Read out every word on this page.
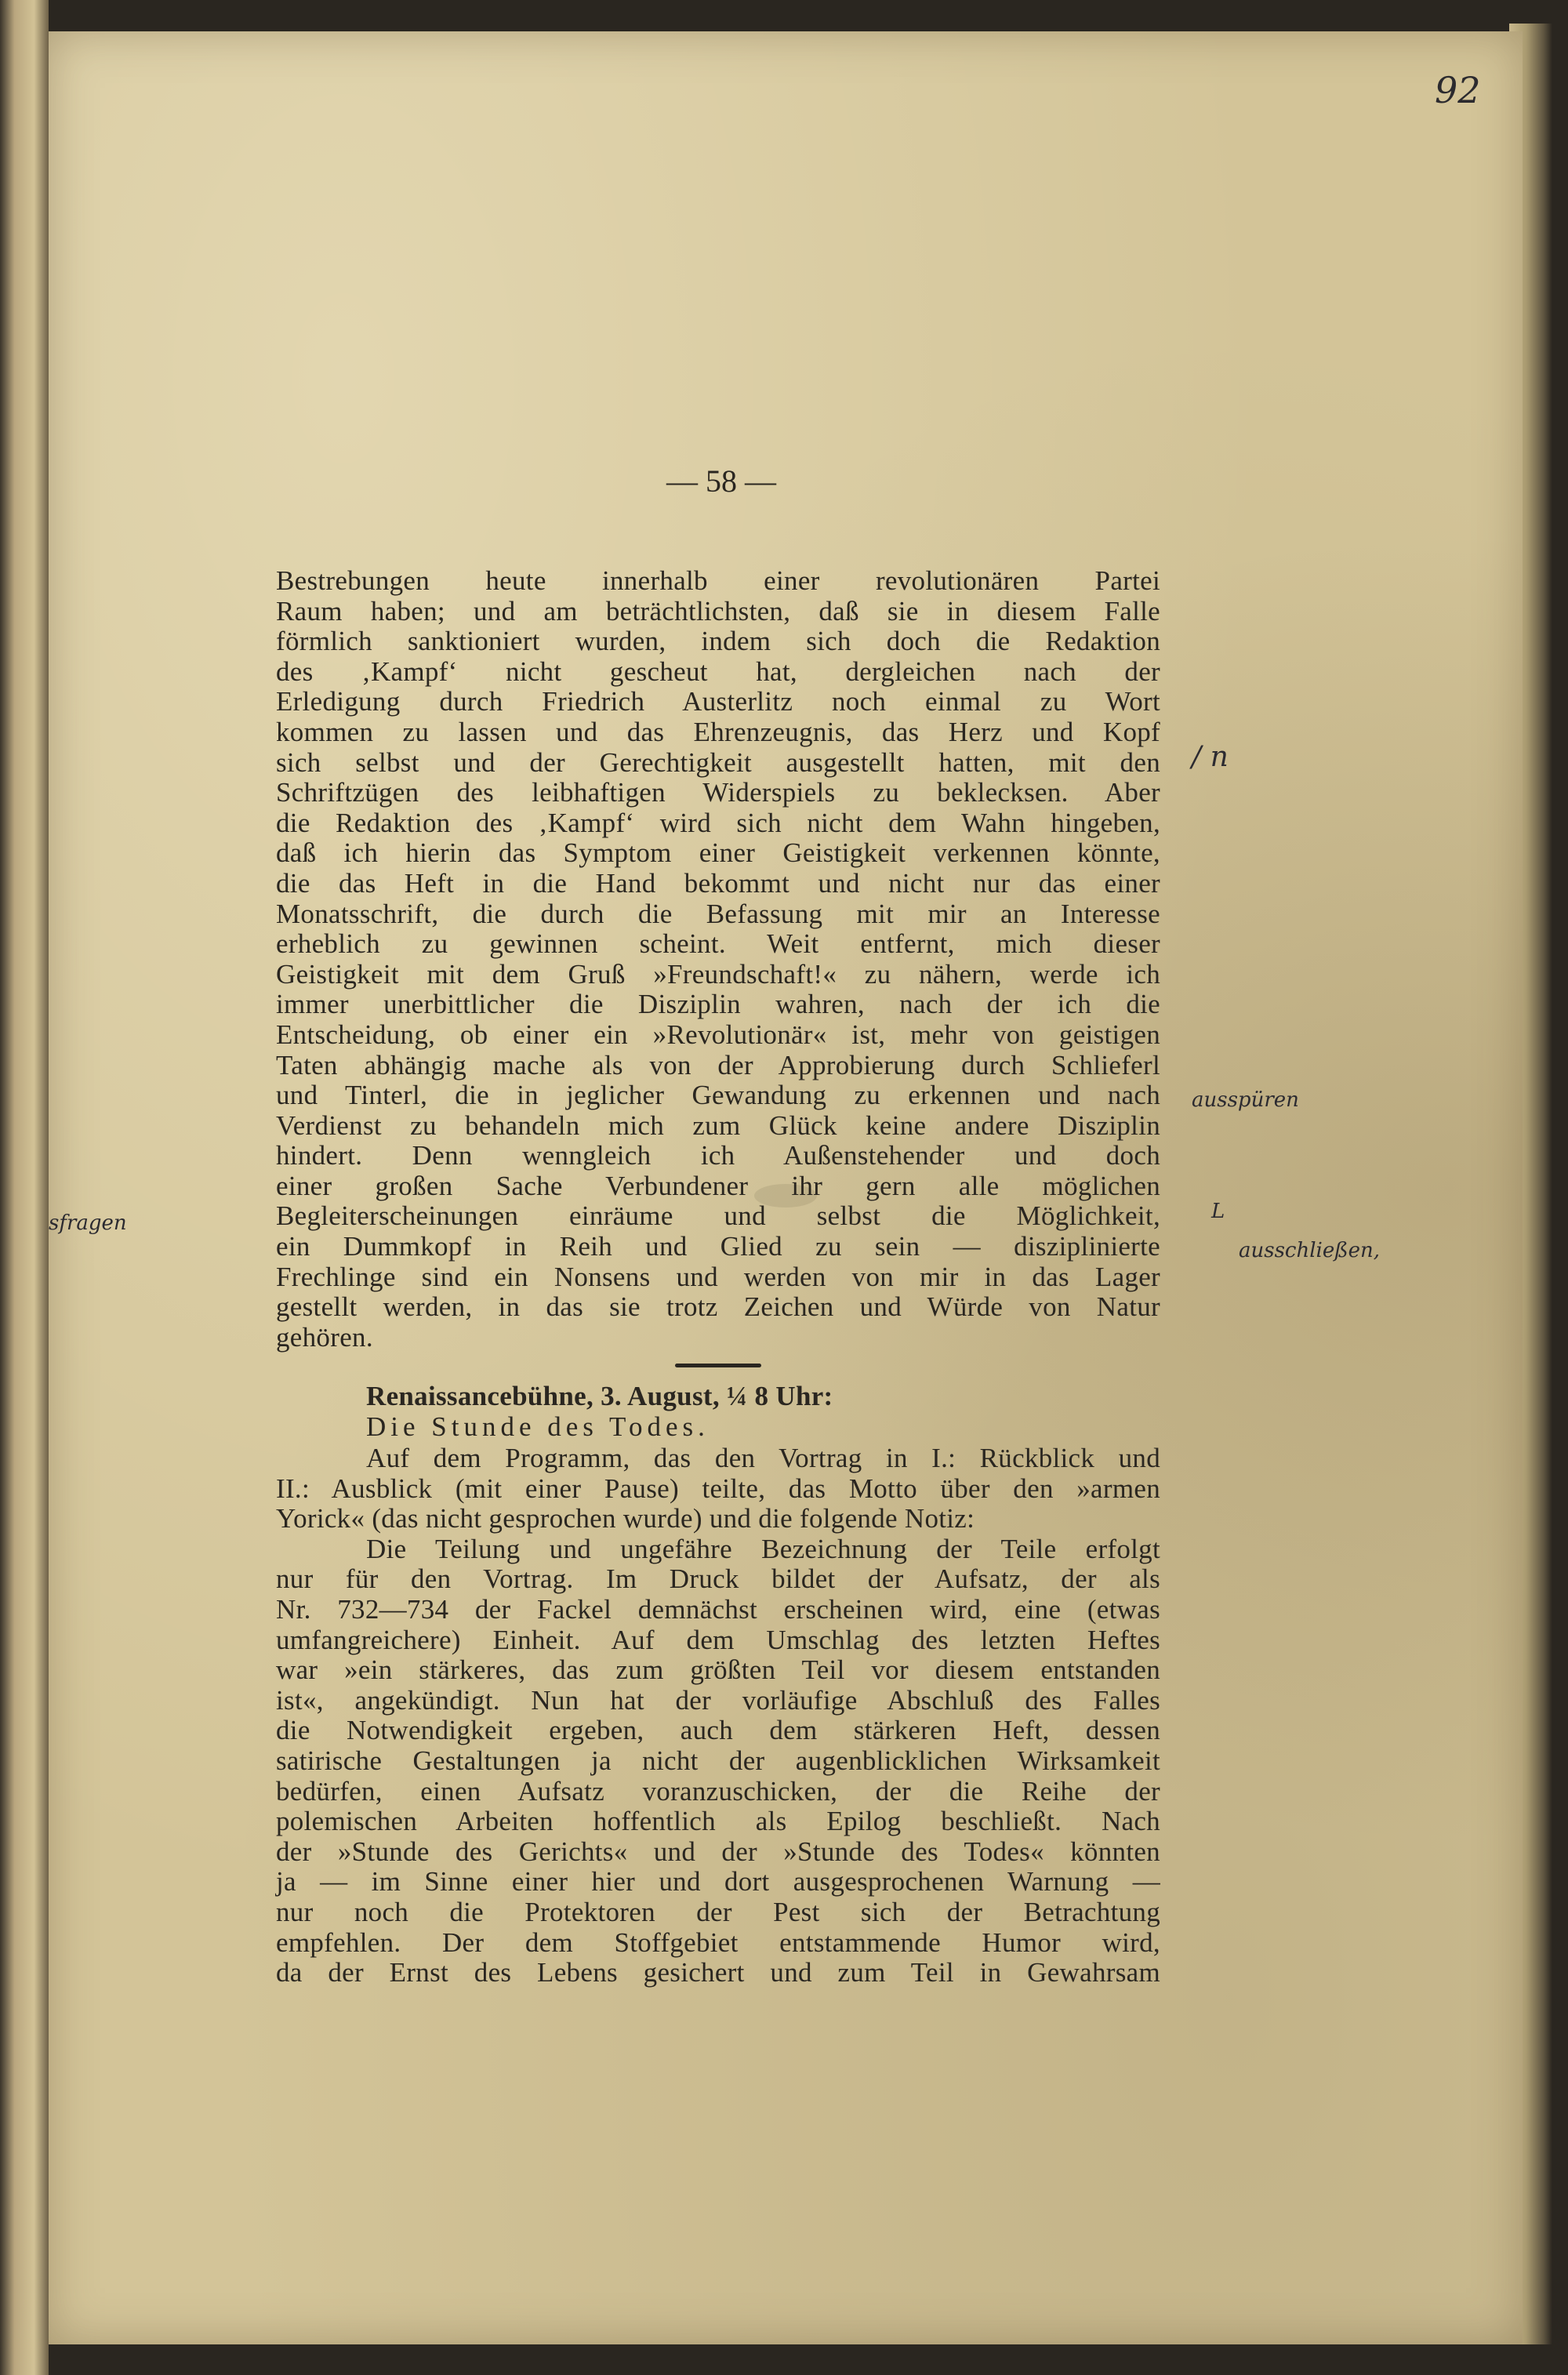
92
— 58 —
Bestrebungen heute innerhalb einer revolutionären Partei
Raum haben; und am beträchtlichsten, daß sie in diesem Falle
förmlich sanktioniert wurden, indem sich doch die Redaktion
des ‚Kampf‘ nicht gescheut hat, dergleichen nach der
Erledigung durch Friedrich Austerlitz noch einmal zu Wort
kommen zu lassen und das Ehrenzeugnis, das Herz und Kopf
sich selbst und der Gerechtigkeit ausgestellt hatten, mit den
Schriftzügen des leibhaftigen Widerspiels zu beklecksen. Aber
die Redaktion des ‚Kampf‘ wird sich nicht dem Wahn hingeben,
daß ich hierin das Symptom einer Geistigkeit verkennen könnte,
die das Heft in die Hand bekommt und nicht nur das einer
Monatsschrift, die durch die Befassung mit mir an Interesse
erheblich zu gewinnen scheint. Weit entfernt, mich dieser
Geistigkeit mit dem Gruß »Freundschaft!« zu nähern, werde ich
immer unerbittlicher die Disziplin wahren, nach der ich die
Entscheidung, ob einer ein »Revolutionär« ist, mehr von geistigen
Taten abhängig mache als von der Approbierung durch Schlieferl
und Tinterl, die in jeglicher Gewandung zu erkennen und nach
Verdienst zu behandeln mich zum Glück keine andere Disziplin
hindert. Denn wenngleich ich Außenstehender und doch
einer großen Sache Verbundener ihr gern alle möglichen
Begleiterscheinungen einräume und selbst die Möglichkeit,
ein Dummkopf in Reih und Glied zu sein — disziplinierte
Frechlinge sind ein Nonsens und werden von mir in das Lager
gestellt werden, in das sie trotz Zeichen und Würde von Natur
gehören.
Renaissancebühne, 3. August, ¼ 8 Uhr:
Die Stunde des Todes.
Auf dem Programm, das den Vortrag in I.: Rückblick und
II.: Ausblick (mit einer Pause) teilte, das Motto über den »armen
Yorick« (das nicht gesprochen wurde) und die folgende Notiz:
Die Teilung und ungefähre Bezeichnung der Teile erfolgt
nur für den Vortrag. Im Druck bildet der Aufsatz, der als
Nr. 732—734 der Fackel demnächst erscheinen wird, eine (etwas
umfangreichere) Einheit. Auf dem Umschlag des letzten Heftes
war »ein stärkeres, das zum größten Teil vor diesem entstanden
ist«, angekündigt. Nun hat der vorläufige Abschluß des Falles
die Notwendigkeit ergeben, auch dem stärkeren Heft, dessen
satirische Gestaltungen ja nicht der augenblicklichen Wirksamkeit
bedürfen, einen Aufsatz voranzuschicken, der die Reihe der
polemischen Arbeiten hoffentlich als Epilog beschließt. Nach
der »Stunde des Gerichts« und der »Stunde des Todes« könnten
ja — im Sinne einer hier und dort ausgesprochenen Warnung —
nur noch die Protektoren der Pest sich der Betrachtung
empfehlen. Der dem Stoffgebiet entstammende Humor wird,
da der Ernst des Lebens gesichert und zum Teil in Gewahrsam
/ n
ausspüren
L
ausschließen,
sfragen
